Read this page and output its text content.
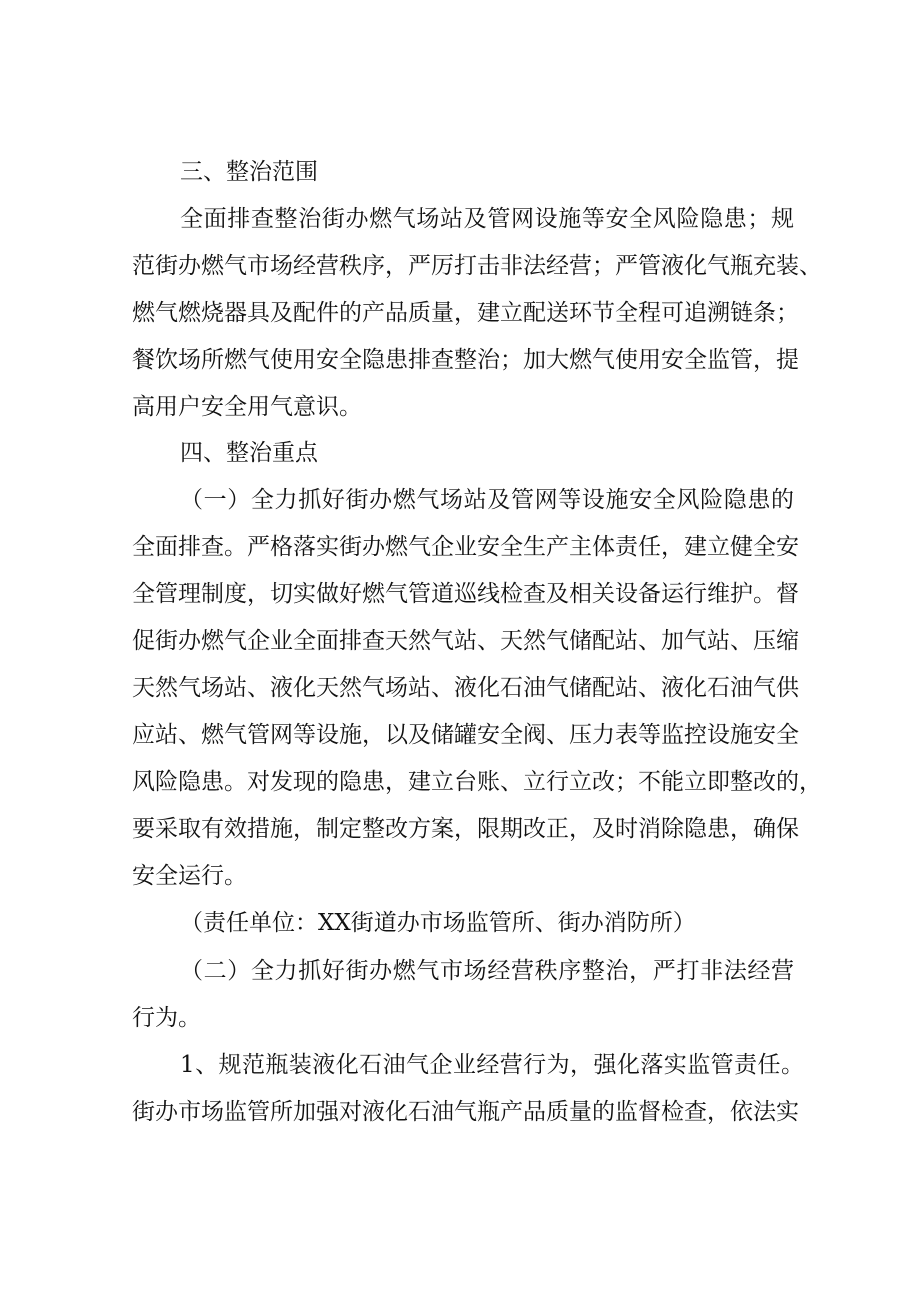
三、整治范围

全面排查整治街办燃气场站及管网设施等安全风险隐患；规

范街办燃气市场经营秩序，严厉打击非法经营；严管液化气瓶充装、

燃气燃烧器具及配件的产品质量，建立配送环节全程可追溯链条；

餐饮场所燃气使用安全隐患排查整治；加大燃气使用安全监管，提

高用户安全用气意识。

四、整治重点

（一）全力抓好街办燃气场站及管网等设施安全风险隐患的

全面排查。严格落实街办燃气企业安全生产主体责任，建立健全安

全管理制度，切实做好燃气管道巡线检查及相关设备运行维护。督

促街办燃气企业全面排查天然气站、天然气储配站、加气站、压缩

天然气场站、液化天然气场站、液化石油气储配站、液化石油气供

应站、燃气管网等设施，以及储罐安全阀、压力表等监控设施安全

风险隐患。对发现的隐患，建立台账、立行立改；不能立即整改的，

要采取有效措施，制定整改方案，限期改正，及时消除隐患，确保

安全运行。

（责任单位：XX街道办市场监管所、街办消防所）

（二）全力抓好街办燃气市场经营秩序整治，严打非法经营

行为。

1、规范瓶装液化石油气企业经营行为，强化落实监管责任。

街办市场监管所加强对液化石油气瓶产品质量的监督检查，依法实
